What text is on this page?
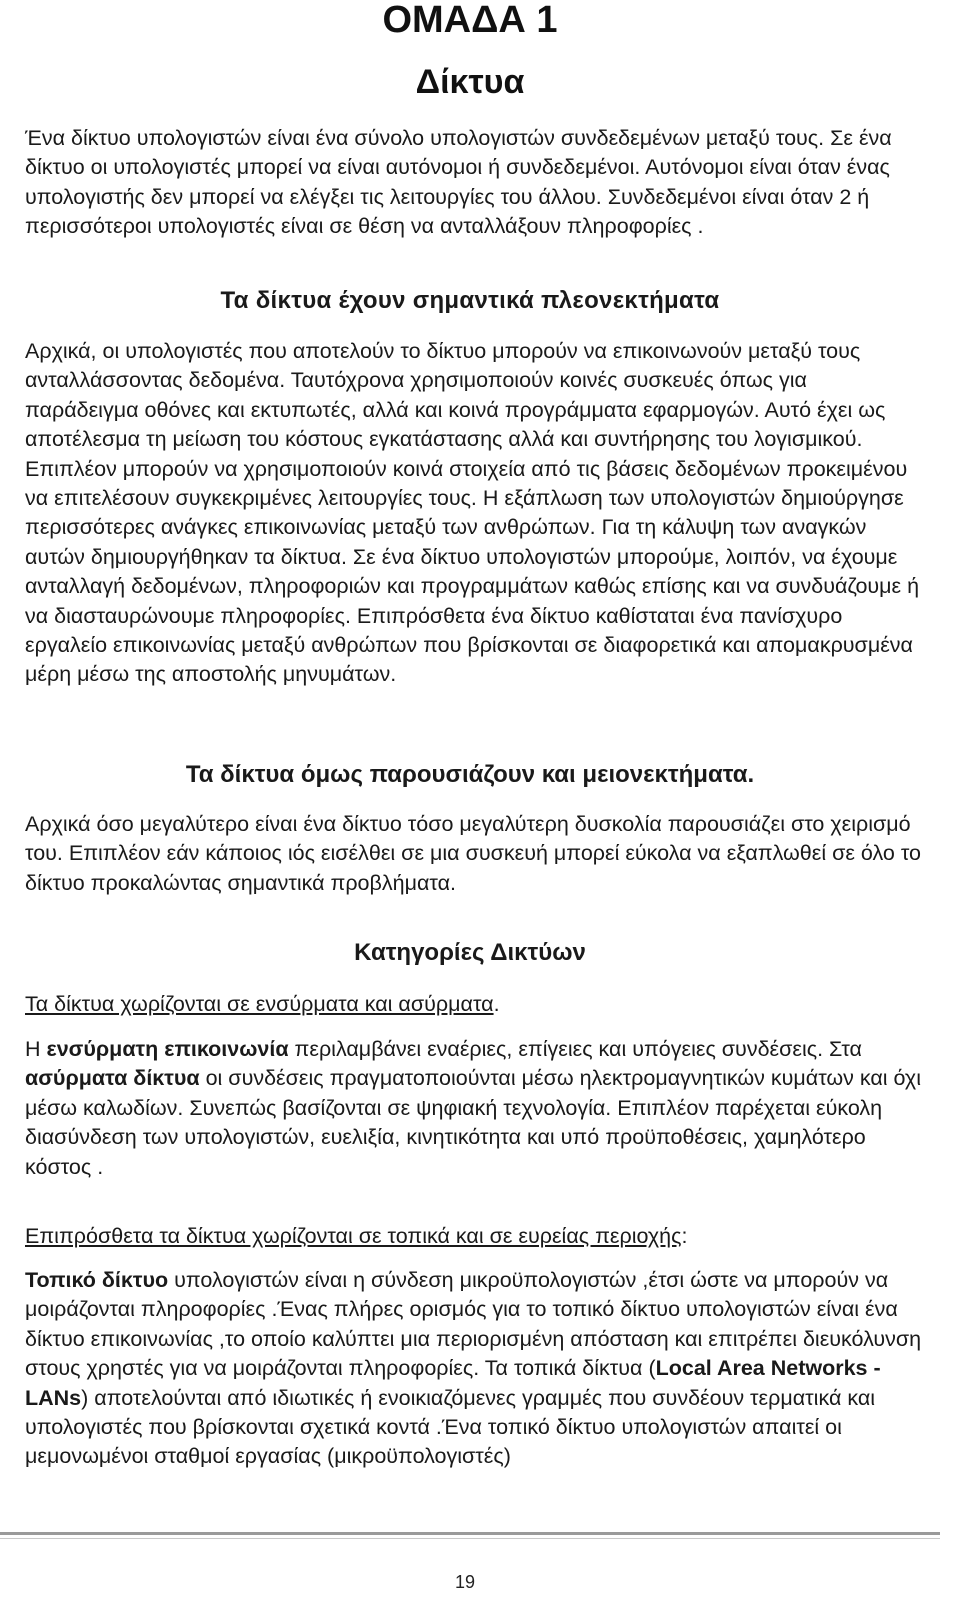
ΟΜΑΔΑ 1
Δίκτυα

Ένα δίκτυο υπολογιστών είναι ένα σύνολο υπολογιστών συνδεδεμένων μεταξύ τους. Σε ένα δίκτυο οι υπολογιστές μπορεί να είναι αυτόνομοι ή συνδεδεμένοι. Αυτόνομοι είναι όταν ένας υπολογιστής δεν μπορεί να ελέγξει τις λειτουργίες του άλλου. Συνδεδεμένοι είναι όταν 2 ή περισσότεροι υπολογιστές είναι σε θέση να ανταλλάξουν πληροφορίες .

Τα δίκτυα έχουν σημαντικά πλεονεκτήματα

Αρχικά, οι υπολογιστές που αποτελούν το δίκτυο μπορούν να επικοινωνούν μεταξύ τους ανταλλάσσοντας δεδομένα. Ταυτόχρονα χρησιμοποιούν κοινές συσκευές όπως για παράδειγμα οθόνες και εκτυπωτές, αλλά και κοινά προγράμματα εφαρμογών. Αυτό έχει ως αποτέλεσμα τη μείωση του κόστους εγκατάστασης αλλά και συντήρησης του λογισμικού. Επιπλέον μπορούν να χρησιμοποιούν κοινά στοιχεία από τις βάσεις δεδομένων προκειμένου να επιτελέσουν συγκεκριμένες λειτουργίες τους. Η εξάπλωση των υπολογιστών δημιούργησε περισσότερες ανάγκες επικοινωνίας μεταξύ των ανθρώπων. Για τη κάλυψη των αναγκών αυτών δημιουργήθηκαν τα δίκτυα. Σε ένα δίκτυο υπολογιστών μπορούμε, λοιπόν, να έχουμε ανταλλαγή δεδομένων, πληροφοριών και προγραμμάτων καθώς επίσης και να συνδυάζουμε ή να διασταυρώνουμε πληροφορίες. Επιπρόσθετα ένα δίκτυο καθίσταται ένα πανίσχυρο εργαλείο επικοινωνίας μεταξύ ανθρώπων που βρίσκονται σε διαφορετικά και απομακρυσμένα μέρη μέσω της αποστολής μηνυμάτων.

Τα δίκτυα όμως παρουσιάζουν και μειονεκτήματα.

Αρχικά όσο μεγαλύτερο είναι ένα δίκτυο τόσο μεγαλύτερη δυσκολία παρουσιάζει στο χειρισμό του. Επιπλέον εάν κάποιος ιός εισέλθει σε μια συσκευή μπορεί εύκολα να εξαπλωθεί σε όλο το δίκτυο προκαλώντας σημαντικά προβλήματα.

Κατηγορίες Δικτύων

Τα δίκτυα χωρίζονται σε ενσύρματα και ασύρματα.

Η ενσύρματη επικοινωνία περιλαμβάνει εναέριες, επίγειες και υπόγειες συνδέσεις. Στα ασύρματα δίκτυα οι συνδέσεις πραγματοποιούνται μέσω ηλεκτρομαγνητικών κυμάτων και όχι μέσω καλωδίων. Συνεπώς βασίζονται σε ψηφιακή τεχνολογία. Επιπλέον παρέχεται εύκολη διασύνδεση των υπολογιστών, ευελιξία, κινητικότητα και υπό προϋποθέσεις, χαμηλότερο κόστος .

Επιπρόσθετα τα δίκτυα χωρίζονται σε τοπικά και σε ευρείας περιοχής:

Τοπικό δίκτυο υπολογιστών είναι η σύνδεση μικροϋπολογιστών ,έτσι ώστε να μπορούν να μοιράζονται πληροφορίες .Ένας πλήρες ορισμός για το τοπικό δίκτυο υπολογιστών είναι ένα δίκτυο επικοινωνίας ,το οποίο καλύπτει μια περιορισμένη απόσταση και επιτρέπει διευκόλυνση στους χρηστές για να μοιράζονται πληροφορίες. Τα τοπικά δίκτυα (Local Area Networks -LANs) αποτελούνται από ιδιωτικές ή ενοικιαζόμενες γραμμές που συνδέουν τερματικά και υπολογιστές που βρίσκονται σχετικά κοντά .Ένα τοπικό δίκτυο υπολογιστών απαιτεί οι μεμονωμένοι σταθμοί εργασίας (μικροϋπολογιστές)

19
